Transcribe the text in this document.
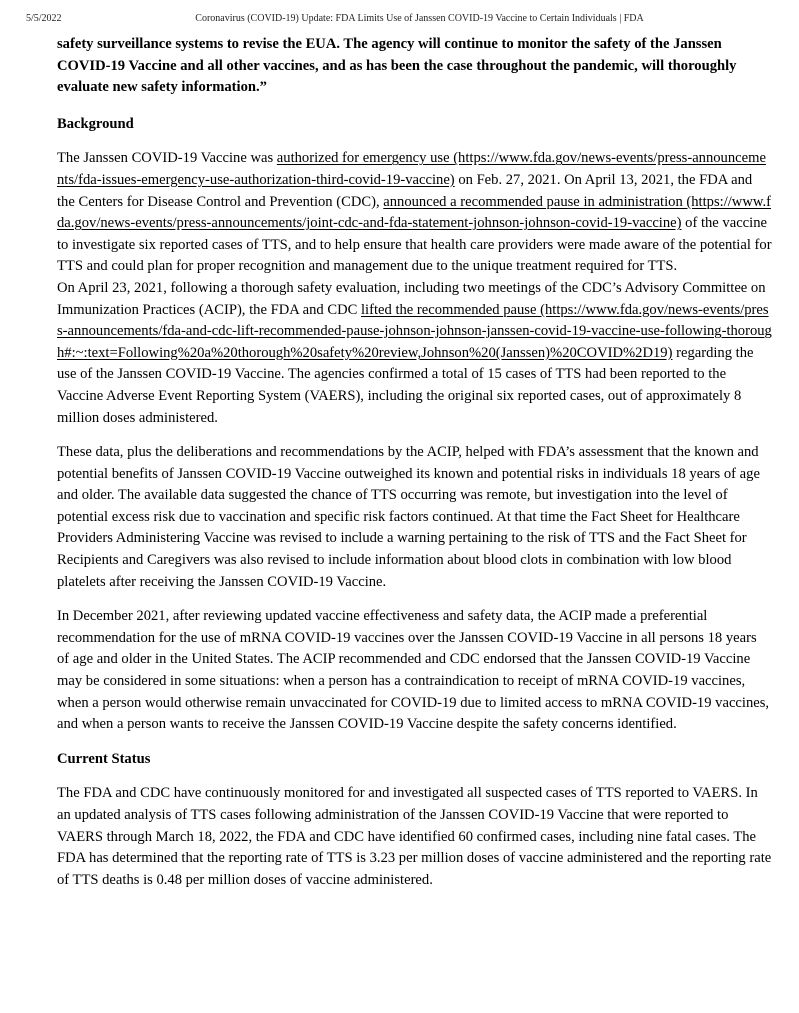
5/5/2022	Coronavirus (COVID-19) Update: FDA Limits Use of Janssen COVID-19 Vaccine to Certain Individuals | FDA

safety surveillance systems to revise the EUA. The agency will continue to monitor the safety of the Janssen COVID-19 Vaccine and all other vaccines, and as has been the case throughout the pandemic, will thoroughly evaluate new safety information.”

Background

The Janssen COVID-19 Vaccine was authorized for emergency use (https://www.fda.gov/news-events/press-announcements/fda-issues-emergency-use-authorization-third-covid-19-vaccine) on Feb. 27, 2021. On April 13, 2021, the FDA and the Centers for Disease Control and Prevention (CDC), announced a recommended pause in administration (https://www.fda.gov/news-events/press-announcements/joint-cdc-and-fda-statement-johnson-johnson-covid-19-vaccine) of the vaccine to investigate six reported cases of TTS, and to help ensure that health care providers were made aware of the potential for TTS and could plan for proper recognition and management due to the unique treatment required for TTS.

On April 23, 2021, following a thorough safety evaluation, including two meetings of the CDC’s Advisory Committee on Immunization Practices (ACIP), the FDA and CDC lifted the recommended pause (https://www.fda.gov/news-events/press-announcements/fda-and-cdc-lift-recommended-pause-johnson-johnson-janssen-covid-19-vaccine-use-following-thorough#:~:text=Following%20a%20thorough%20safety%20review,Johnson%20(Janssen)%20COVID%2D19) regarding the use of the Janssen COVID-19 Vaccine. The agencies confirmed a total of 15 cases of TTS had been reported to the Vaccine Adverse Event Reporting System (VAERS), including the original six reported cases, out of approximately 8 million doses administered.

These data, plus the deliberations and recommendations by the ACIP, helped with FDA’s assessment that the known and potential benefits of Janssen COVID-19 Vaccine outweighed its known and potential risks in individuals 18 years of age and older. The available data suggested the chance of TTS occurring was remote, but investigation into the level of potential excess risk due to vaccination and specific risk factors continued. At that time the Fact Sheet for Healthcare Providers Administering Vaccine was revised to include a warning pertaining to the risk of TTS and the Fact Sheet for Recipients and Caregivers was also revised to include information about blood clots in combination with low blood platelets after receiving the Janssen COVID-19 Vaccine.

In December 2021, after reviewing updated vaccine effectiveness and safety data, the ACIP made a preferential recommendation for the use of mRNA COVID-19 vaccines over the Janssen COVID-19 Vaccine in all persons 18 years of age and older in the United States. The ACIP recommended and CDC endorsed that the Janssen COVID-19 Vaccine may be considered in some situations: when a person has a contraindication to receipt of mRNA COVID-19 vaccines, when a person would otherwise remain unvaccinated for COVID-19 due to limited access to mRNA COVID-19 vaccines, and when a person wants to receive the Janssen COVID-19 Vaccine despite the safety concerns identified.

Current Status

The FDA and CDC have continuously monitored for and investigated all suspected cases of TTS reported to VAERS. In an updated analysis of TTS cases following administration of the Janssen COVID-19 Vaccine that were reported to VAERS through March 18, 2022, the FDA and CDC have identified 60 confirmed cases, including nine fatal cases. The FDA has determined that the reporting rate of TTS is 3.23 per million doses of vaccine administered and the reporting rate of TTS deaths is 0.48 per million doses of vaccine administered.
